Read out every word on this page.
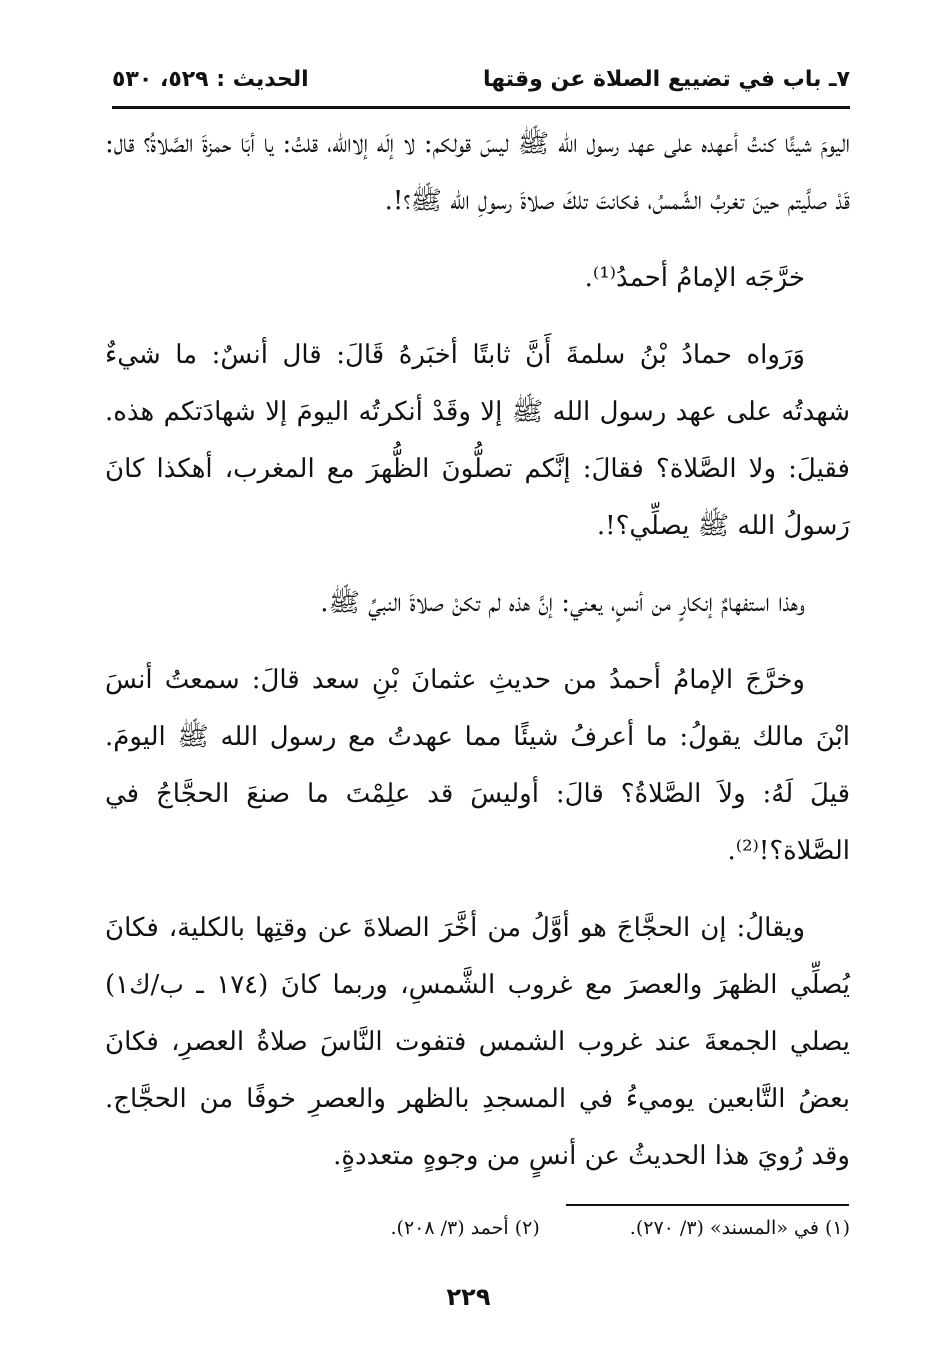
٧ـ باب في تضييع الصلاة عن وقتها
الحديث : ٥٢٩، ٥٣٠

اليومَ شيئًا كنتُ أعهده على عهد رسول الله ﷺ ليسَ قولكم: لا إلَه إلاالله، قلتُ: يا أبَا حمزةَ الصَّلاةُ؟ قال: قَدْ صلَّيتم حينَ تغربُ الشَّمسُ، فكانتَ تلكَ صلاةَ رسولِ الله ﷺ؟!.

خرَّجَه الإمامُ أحمدُ⁽¹⁾.

وَرَواه حمادُ بْنُ سلمةَ أَنَّ ثابتًا أخبَرهُ قَالَ: قال أنسٌ: ما شيءٌ شهدتُه على عهد رسول الله ﷺ إلا وقَدْ أنكرتُه اليومَ إلا شهادَتكم هذه. فقيلَ: ولا الصَّلاة؟ فقالَ: إنَّكم تصلُّونَ الظُّهرَ مع المغرب، أهكذا كانَ رَسولُ الله ﷺ يصلِّي؟!.

وهذا استفهامٌ إنكارٍ من أنسٍ، يعني: إنَّ هذه لم تكنْ صلاةَ النبيِّ ﷺ.

وخرَّجَ الإمامُ أحمدُ من حديثِ عثمانَ بْنِ سعد قالَ: سمعتُ أنسَ ابْنَ مالك يقولُ: ما أعرفُ شيئًا مما عهدتُ مع رسول الله ﷺ اليومَ. قيلَ لَهُ: ولاَ الصَّلاةُ؟ قالَ: أوليسَ قد علِمْتَ ما صنعَ الحجَّاجُ في الصَّلاة؟!⁽²⁾.

ويقالُ: إن الحجَّاجَ هو أوَّلُ من أخَّرَ الصلاةَ عن وقتِها بالكلية، فكانَ يُصلِّي الظهرَ والعصرَ مع غروب الشَّمسِ، وربما كانَ (١٧٤ ـ ب/ك١) يصلي الجمعةَ عند غروب الشمس فتفوت النَّاسَ صلاةُ العصرِ، فكانَ بعضُ التَّابعين يوميءُ في المسجدِ بالظهر والعصرِ خوفًا من الحجَّاج. وقد رُويَ هذا الحديثُ عن أنسٍ من وجوهٍ متعددةٍ.

(١) في «المسند» (٣/ ٢٧٠).
(٢) أحمد (٣/ ٢٠٨).
٢٢٩
